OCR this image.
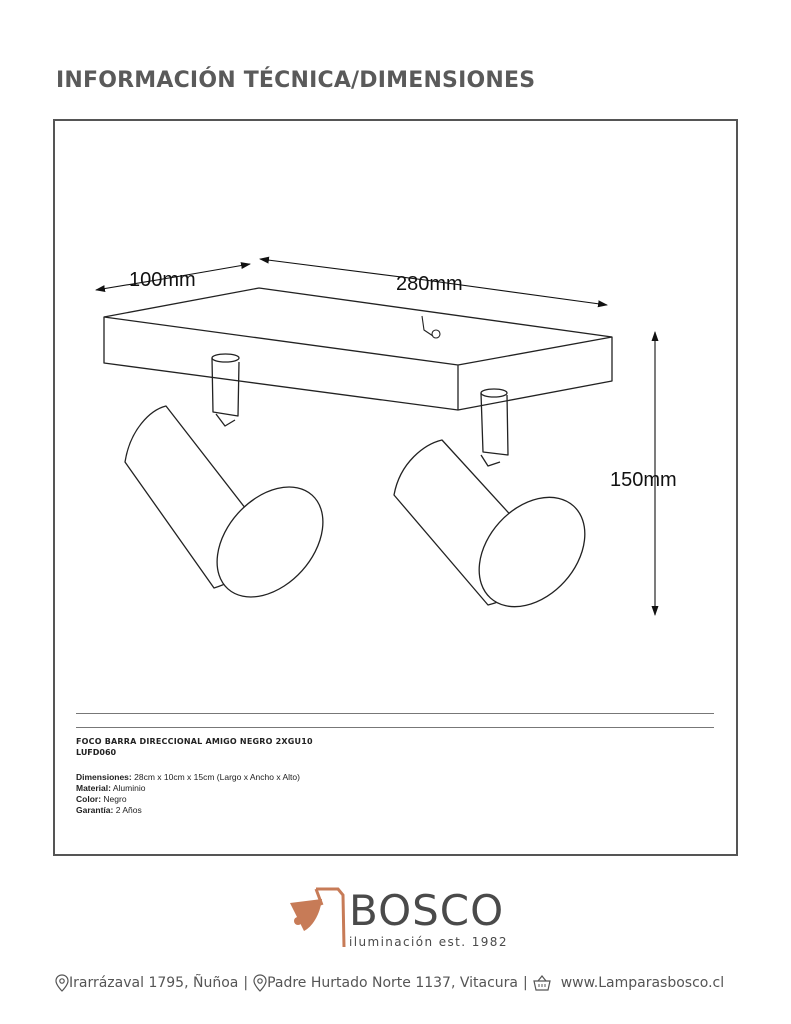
INFORMACIÓN TÉCNICA/DIMENSIONES
100mm	280mm
150mm
FOCO BARRA DIRECCIONAL AMIGO NEGRO 2XGU10
LUFD060
Dimensiones: 28cm x 10cm x 15cm (Largo x Ancho x Alto)
Material: Aluminio
Color: Negro
Garantía: 2 Años
BOSCO
iluminación est. 1982
Irarrázaval 1795, Ñuñoa | Padre Hurtado Norte 1137, Vitacura | www.Lamparasbosco.cl
